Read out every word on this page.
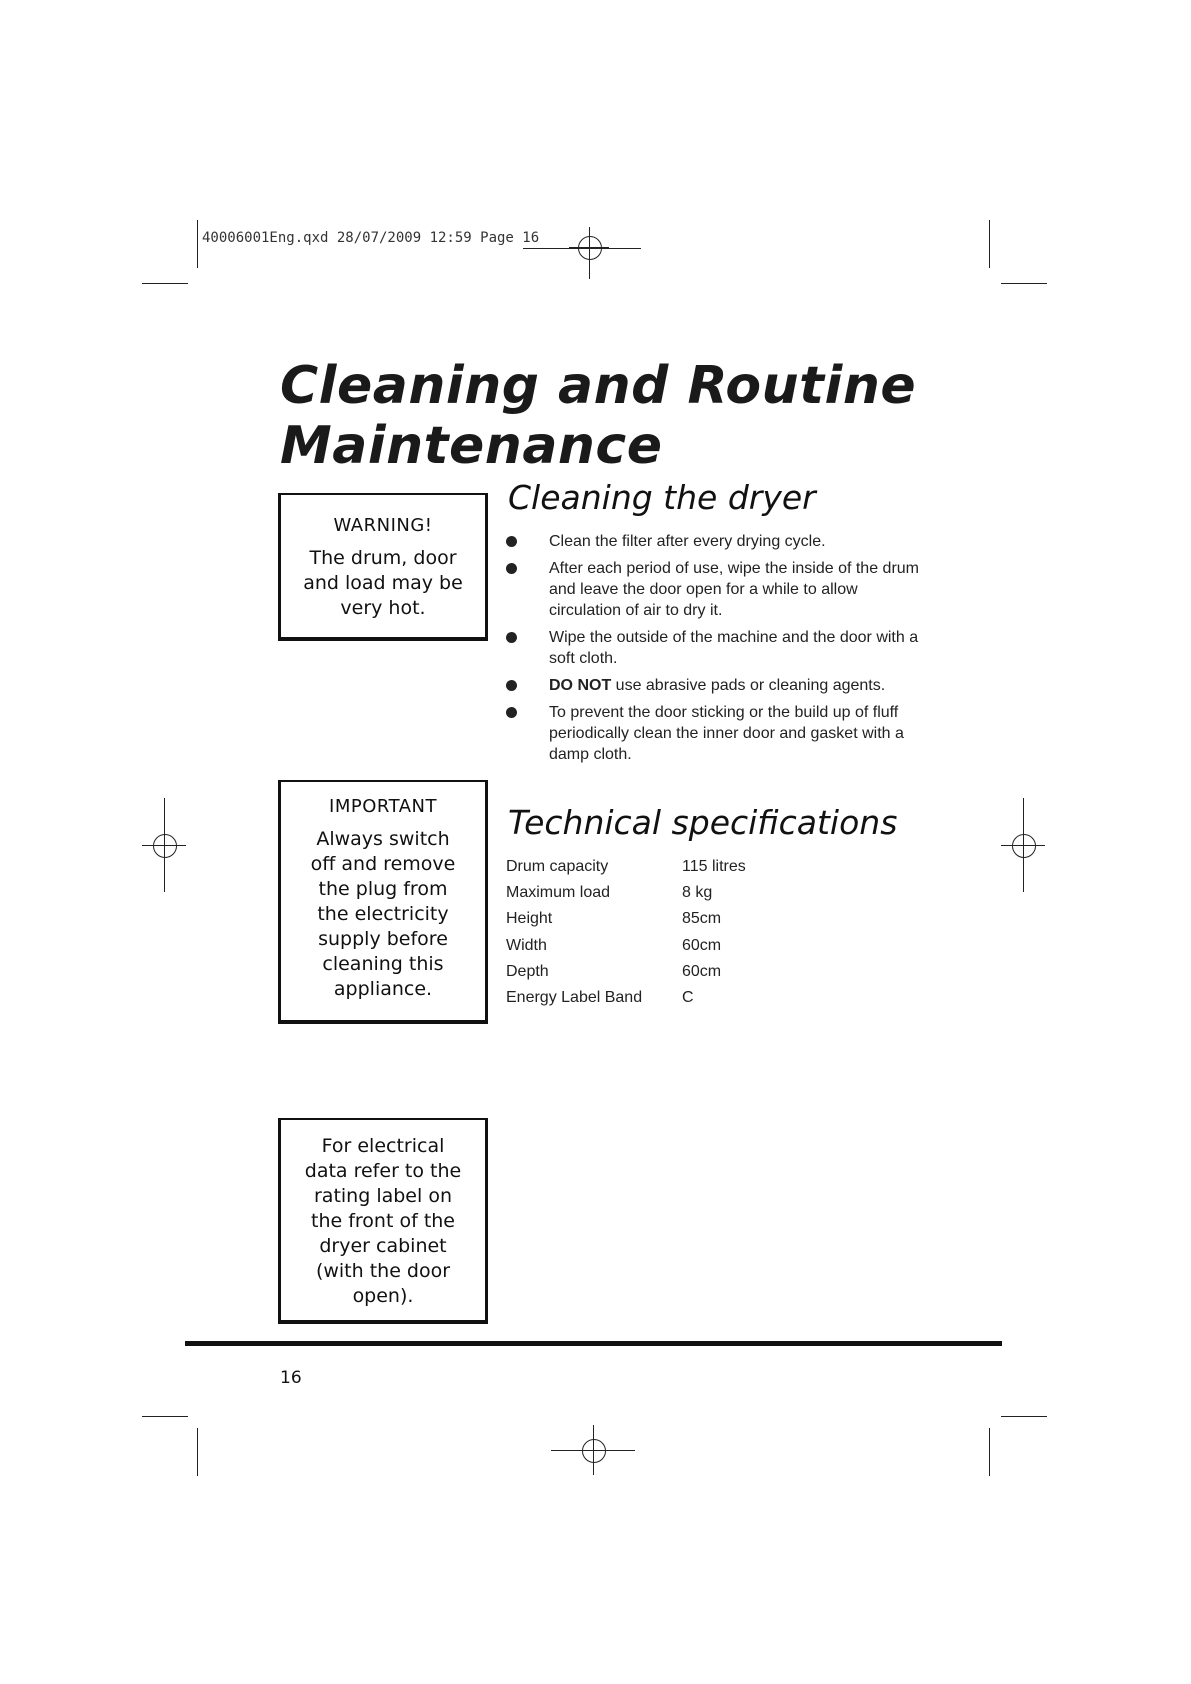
40006001Eng.qxd 28/07/2009 12:59 Page 16
Cleaning and Routine
Maintenance

WARNING!

The drum, door and load may be very hot.

IMPORTANT

Always switch off and remove the plug from the electricity supply before cleaning this appliance.

For electrical data refer to the rating label on the front of the dryer cabinet (with the door open).

Cleaning the dryer
Clean the filter after every drying cycle.
After each period of use, wipe the inside of the drum and leave the door open for a while to allow circulation of air to dry it.
Wipe the outside of the machine and the door with a soft cloth.
DO NOT use abrasive pads or cleaning agents.
To prevent the door sticking or the build up of fluff periodically clean the inner door and gasket with a damp cloth.
Technical specifications
Drum capacity	115 litres
Maximum load	8 kg
Height	85cm
Width	60cm
Depth	60cm
Energy Label Band	C
16
